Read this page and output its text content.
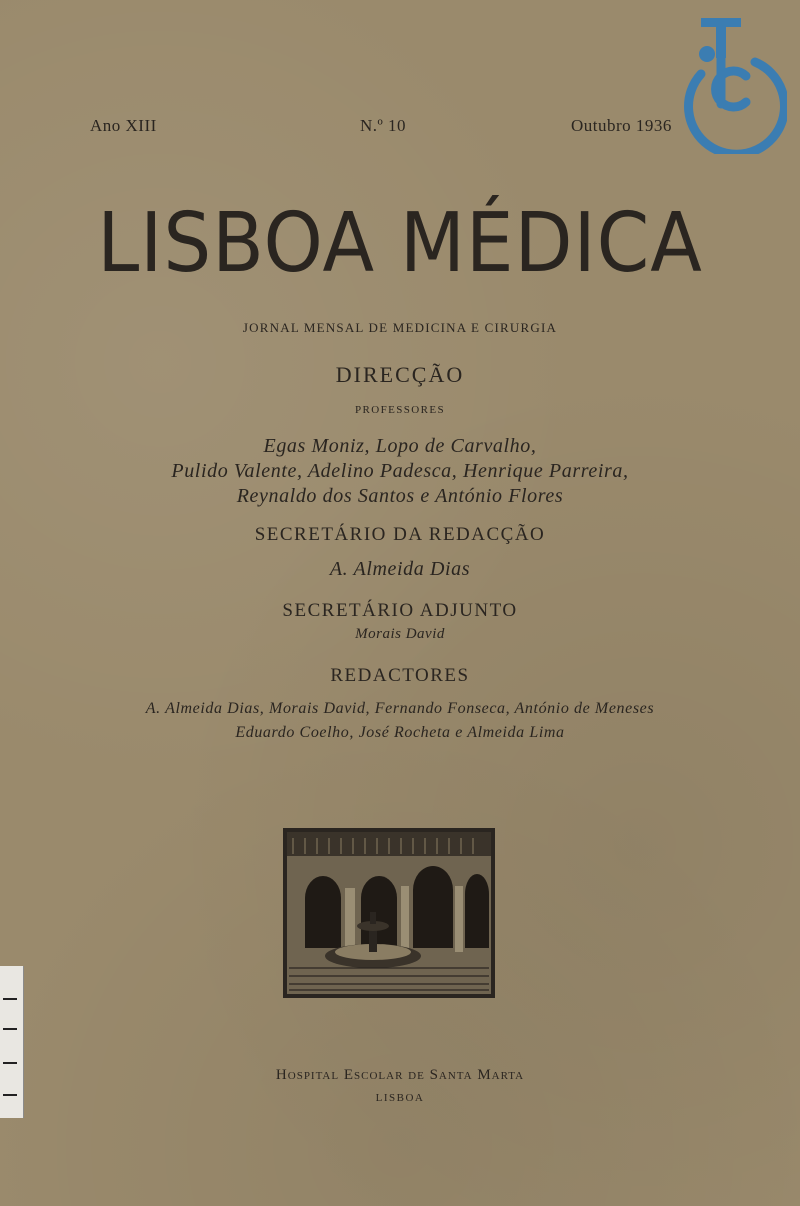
Ano XIII	N.º 10	Outubro 1936
LISBOA MÉDICA
JORNAL MENSAL DE MEDICINA E CIRURGIA
DIRECÇÃO
PROFESSORES
Egas Moniz, Lopo de Carvalho,
Pulido Valente, Adelino Padesca, Henrique Parreira,
Reynaldo dos Santos e António Flores
SECRETÁRIO DA REDACÇÃO
A. Almeida Dias
SECRETÁRIO ADJUNTO
Morais David
REDACTORES
A. Almeida Dias, Morais David, Fernando Fonseca, António de Meneses
Eduardo Coelho, José Rocheta e Almeida Lima
Hospital Escolar de Santa Marta
LISBOA
